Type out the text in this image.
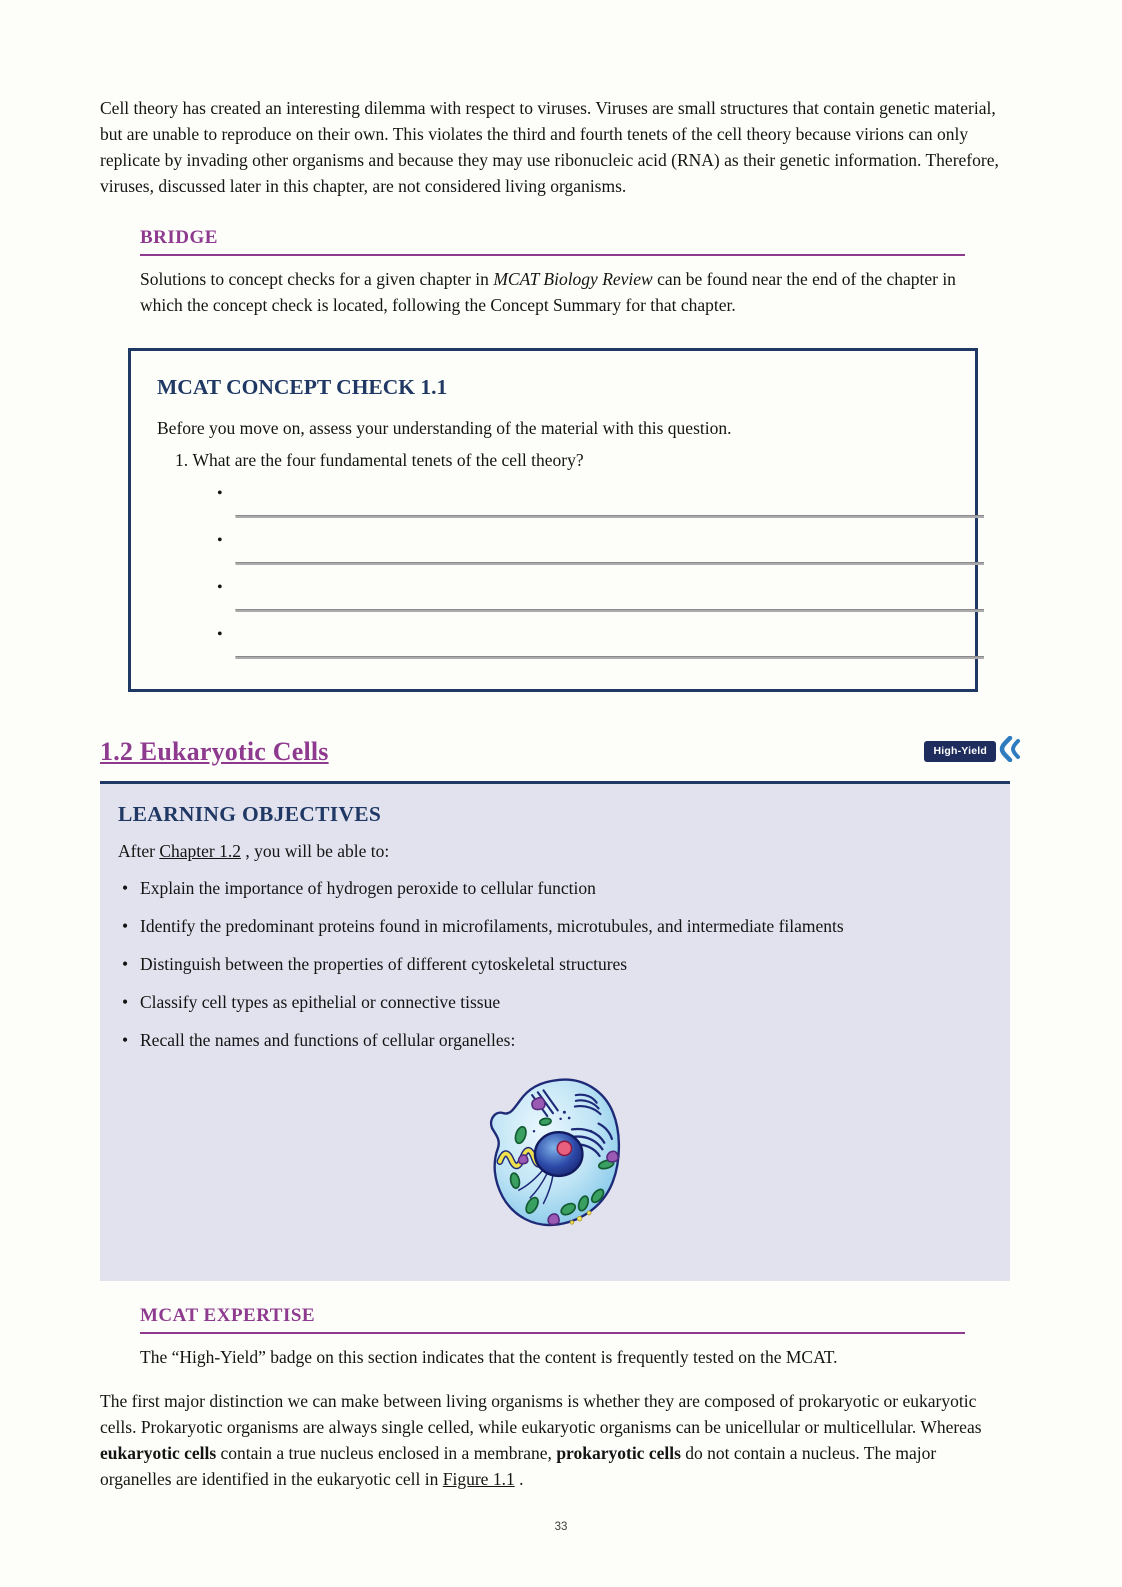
Cell theory has created an interesting dilemma with respect to viruses. Viruses are small structures that contain genetic material, but are unable to reproduce on their own. This violates the third and fourth tenets of the cell theory because virions can only replicate by invading other organisms and because they may use ribonucleic acid (RNA) as their genetic information. Therefore, viruses, discussed later in this chapter, are not considered living organisms.

BRIDGE
Solutions to concept checks for a given chapter in MCAT Biology Review can be found near the end of the chapter in which the concept check is located, following the Concept Summary for that chapter.
MCAT CONCEPT CHECK 1.1

Before you move on, assess your understanding of the material with this question.

1. What are the four fundamental tenets of the cell theory?

•
•
•
•
1.2 Eukaryotic Cells	High-Yield
LEARNING OBJECTIVES

After Chapter 1.2 , you will be able to:

• Explain the importance of hydrogen peroxide to cellular function
• Identify the predominant proteins found in microfilaments, microtubules, and intermediate filaments
• Distinguish between the properties of different cytoskeletal structures
• Classify cell types as epithelial or connective tissue
• Recall the names and functions of cellular organelles:
MCAT EXPERTISE
The “High-Yield” badge on this section indicates that the content is frequently tested on the MCAT.

The first major distinction we can make between living organisms is whether they are composed of prokaryotic or eukaryotic cells. Prokaryotic organisms are always single celled, while eukaryotic organisms can be unicellular or multicellular. Whereas eukaryotic cells contain a true nucleus enclosed in a membrane, prokaryotic cells do not contain a nucleus. The major organelles are identified in the eukaryotic cell in Figure 1.1 .

33
